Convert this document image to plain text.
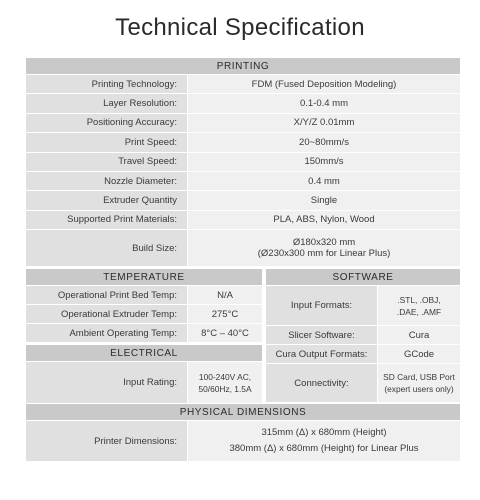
Technical Specification
PRINTING
Printing Technology:	FDM (Fused Deposition Modeling)
Layer Resolution:	0.1-0.4 mm
Positioning Accuracy:	X/Y/Z 0.01mm
Print Speed:	20~80mm/s
Travel Speed:	150mm/s
Nozzle Diameter:	0.4 mm
Extruder Quantity	Single
Supported Print Materials:	PLA, ABS, Nylon, Wood
Build Size:	Ø180x320 mm
(Ø230x300 mm for Linear Plus)
TEMPERATURE
Operational Print Bed Temp:	N/A
Operational Extruder Temp:	275°C
Ambient Operating Temp:	8°C – 40°C
ELECTRICAL
Input Rating:
100-240V AC,
50/60Hz, 1.5A
SOFTWARE
Input Formats:
.STL, .OBJ,
.DAE, .AMF
Slicer Software:	Cura
Cura Output Formats:	GCode
Connectivity:
SD Card, USB Port
(expert users only)
PHYSICAL DIMENSIONS
Printer Dimensions:
315mm (Δ) x 680mm (Height)
380mm (Δ) x 680mm (Height) for Linear Plus
